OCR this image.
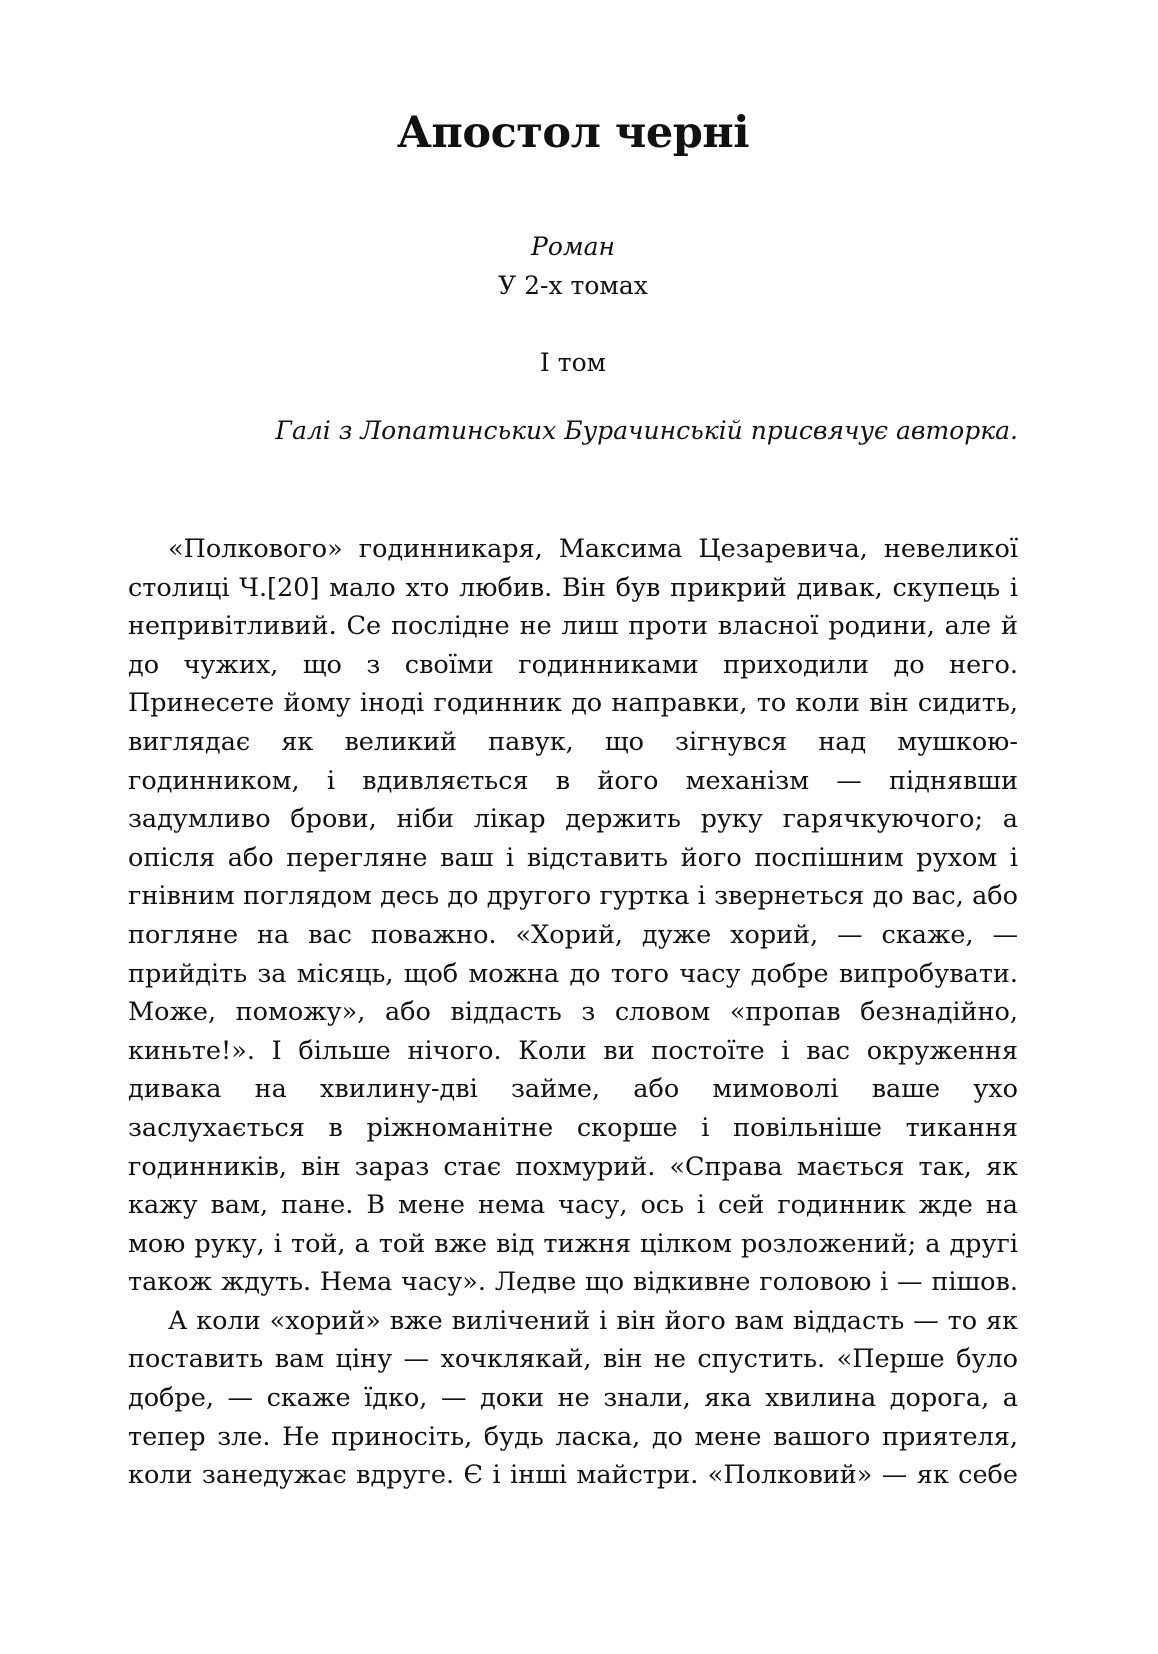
Апостол черні
Роман
У 2-х томах
І том
Галі з Лопатинських Бурачинській присвячує авторка.

«Полкового» годинникаря, Максима Цезаревича, невеликої столиці Ч.[20] мало хто любив. Він був прикрий дивак, скупець і непривітливий. Се послідне не лиш проти власної родини, але й до чужих, що з своїми годинниками приходили до него. Принесете йому іноді годинник до направки, то коли він сидить, виглядає як великий павук, що зігнувся над мушкою-годинником, і вдивляється в його механізм — піднявши задумливо брови, ніби лікар держить руку гарячкуючого; а опісля або перегляне ваш і відставить його поспішним рухом і гнівним поглядом десь до другого гуртка і звернеться до вас, або погляне на вас поважно. «Хорий, дуже хорий, — скаже, — прийдіть за місяць, щоб можна до того часу добре випробувати. Може, поможу», або віддасть з словом «пропав безнадійно, киньте!». І більше нічого. Коли ви постоїте і вас окруження дивака на хвилину-дві займе, або мимоволі ваше ухо заслухається в ріжноманітне скорше і повільніше тикання годинників, він зараз стає похмурий. «Справа мається так, як кажу вам, пане. В мене нема часу, ось і сей годинник жде на мою руку, і той, а той вже від тижня цілком розложений; а другі також ждуть. Нема часу». Ледве що відкивне головою і — пішов.

А коли «хорий» вже вилічений і він його вам віддасть — то як поставить вам ціну — хочклякай, він не спустить. «Перше було добре, — скаже їдко, — доки не знали, яка хвилина дорога, а тепер зле. Не приносіть, будь ласка, до мене вашого приятеля, коли занедужає вдруге. Є і інші майстри. «Полковий» — як себе
